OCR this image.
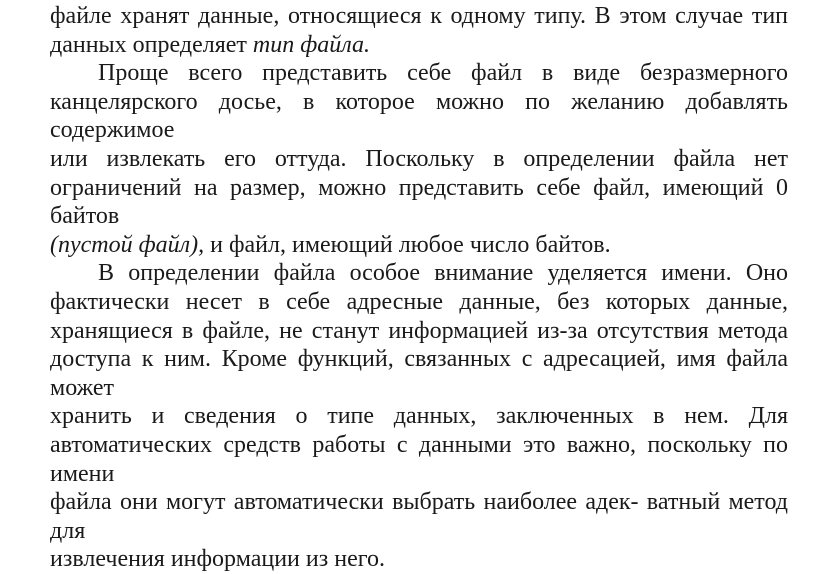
файле хранят данные, относящиеся к одному типу. В этом случае тип
данных определяет тип файла.
Проще всего представить себе файл в виде безразмерного
канцелярского досье, в которое можно по желанию добавлять содержимое
или извлекать его оттуда. Поскольку в определении файла нет
ограничений на размер, можно представить себе файл, имеющий 0 байтов
(пустой файл), и файл, имеющий любое число байтов.
В определении файла особое внимание уделяется имени. Оно
фактически несет в себе адресные данные, без которых данные,
хранящиеся в файле, не станут информацией из-за отсутствия метода
доступа к ним. Кроме функций, связанных с адресацией, имя файла может
хранить и сведения о типе данных, заключенных в нем. Для
автоматических средств работы с данными это важно, поскольку по имени
файла они могут автоматически выбрать наиболее адек- ватный метод для
извлечения информации из него.
